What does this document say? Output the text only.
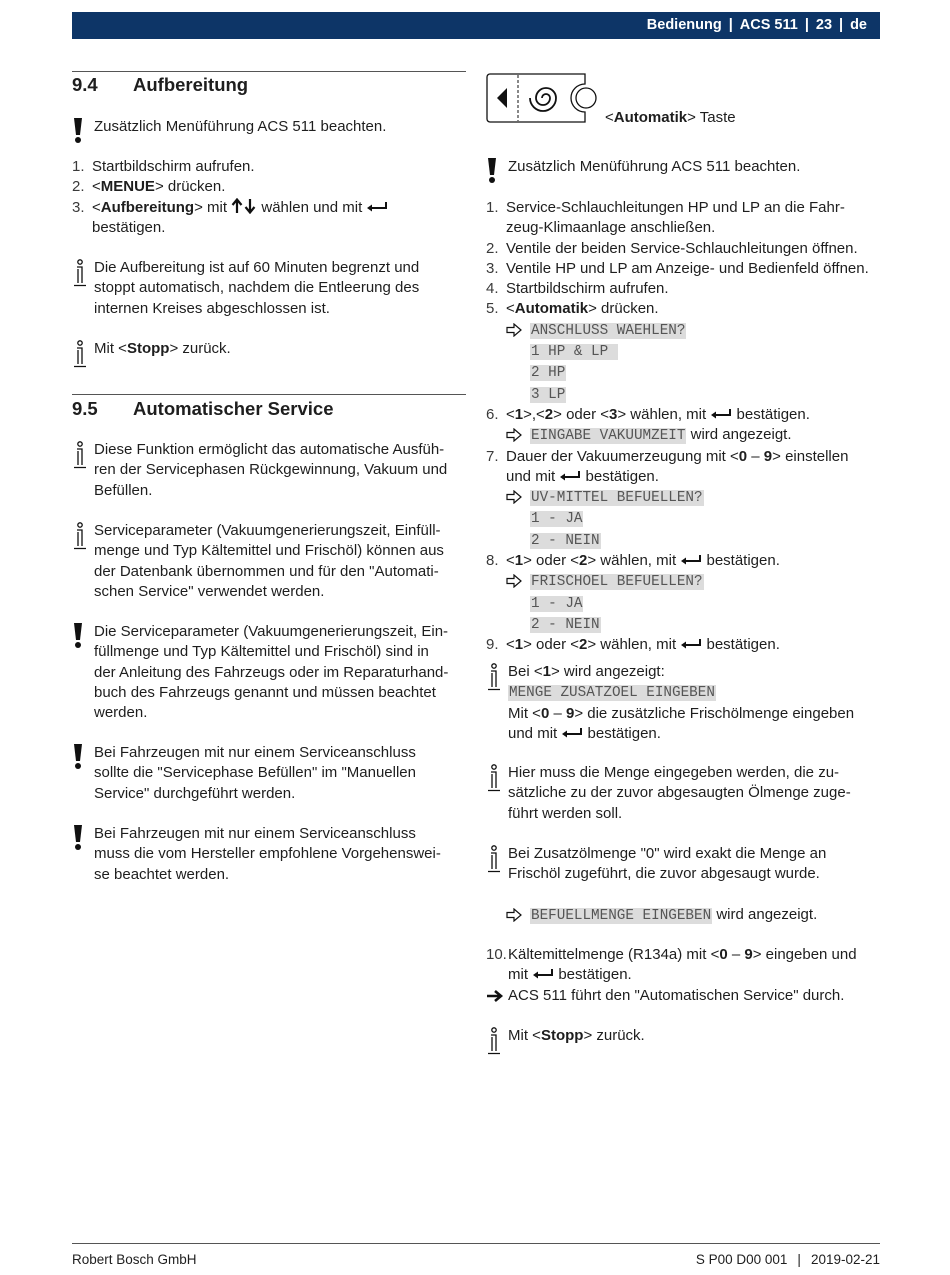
Bedienung | ACS 511 | 23 | de
9.4 Aufbereitung
Zusätzlich Menüführung ACS 511 beachten.
1. Startbildschirm aufrufen.
2. <MENUE> drücken.
3. <Aufbereitung> mit  wählen und mit
bestätigen.
Die Aufbereitung ist auf 60 Minuten begrenzt und
stoppt automatisch, nachdem die Entleerung des
internen Kreises abgeschlossen ist.
Mit <Stopp> zurück.
9.5 Automatischer Service
Diese Funktion ermöglicht das automatische Ausfüh-
ren der Servicephasen Rückgewinnung, Vakuum und
Befüllen.
Serviceparameter (Vakuumgenerierungszeit, Einfüll-
menge und Typ Kältemittel und Frischöl) können aus
der Datenbank übernommen und für den "Automati-
schen Service" verwendet werden.
Die Serviceparameter (Vakuumgenerierungszeit, Ein-
füllmenge und Typ Kältemittel und Frischöl) sind in
der Anleitung des Fahrzeugs oder im Reparaturhand-
buch des Fahrzeugs genannt und müssen beachtet
werden.
Bei Fahrzeugen mit nur einem Serviceanschluss
sollte die "Servicephase Befüllen" im "Manuellen
Service" durchgeführt werden.
Bei Fahrzeugen mit nur einem Serviceanschluss
muss die vom Hersteller empfohlene Vorgehenswei-
se beachtet werden.
<Automatik> Taste
Zusätzlich Menüführung ACS 511 beachten.
1. Service-Schlauchleitungen HP und LP an die Fahr-
zeug-Klimaanlage anschließen.
2. Ventile der beiden Service-Schlauchleitungen öffnen.
3. Ventile HP und LP am Anzeige- und Bedienfeld öffnen.
4. Startbildschirm aufrufen.
5. <Automatik> drücken.
ANSCHLUSS WAEHLEN?
1 HP & LP
2 HP
3 LP
6. <1>,<2> oder <3> wählen, mit  bestätigen.
EINGABE VAKUUMZEIT wird angezeigt.
7. Dauer der Vakuumerzeugung mit <0 – 9> einstellen
und mit  bestätigen.
UV-MITTEL BEFUELLEN?
1 - JA
2 - NEIN
8. <1> oder <2> wählen, mit  bestätigen.
FRISCHOEL BEFUELLEN?
1 - JA
2 - NEIN
9. <1> oder <2> wählen, mit  bestätigen.
Bei <1> wird angezeigt:
MENGE ZUSATZOEL EINGEBEN
Mit <0 – 9> die zusätzliche Frischölmenge eingeben
und mit  bestätigen.
Hier muss die Menge eingegeben werden, die zu-
sätzliche zu der zuvor abgesaugten Ölmenge zuge-
führt werden soll.
Bei Zusatzölmenge "0" wird exakt die Menge an
Frischöl zugeführt, die zuvor abgesaugt wurde.
BEFUELLMENGE EINGEBEN wird angezeigt.
10. Kältemittelmenge (R134a) mit <0 – 9> eingeben und
mit  bestätigen.
ACS 511 führt den "Automatischen Service" durch.
Mit <Stopp> zurück.
Robert Bosch GmbH	S P00 D00 001 | 2019-02-21
